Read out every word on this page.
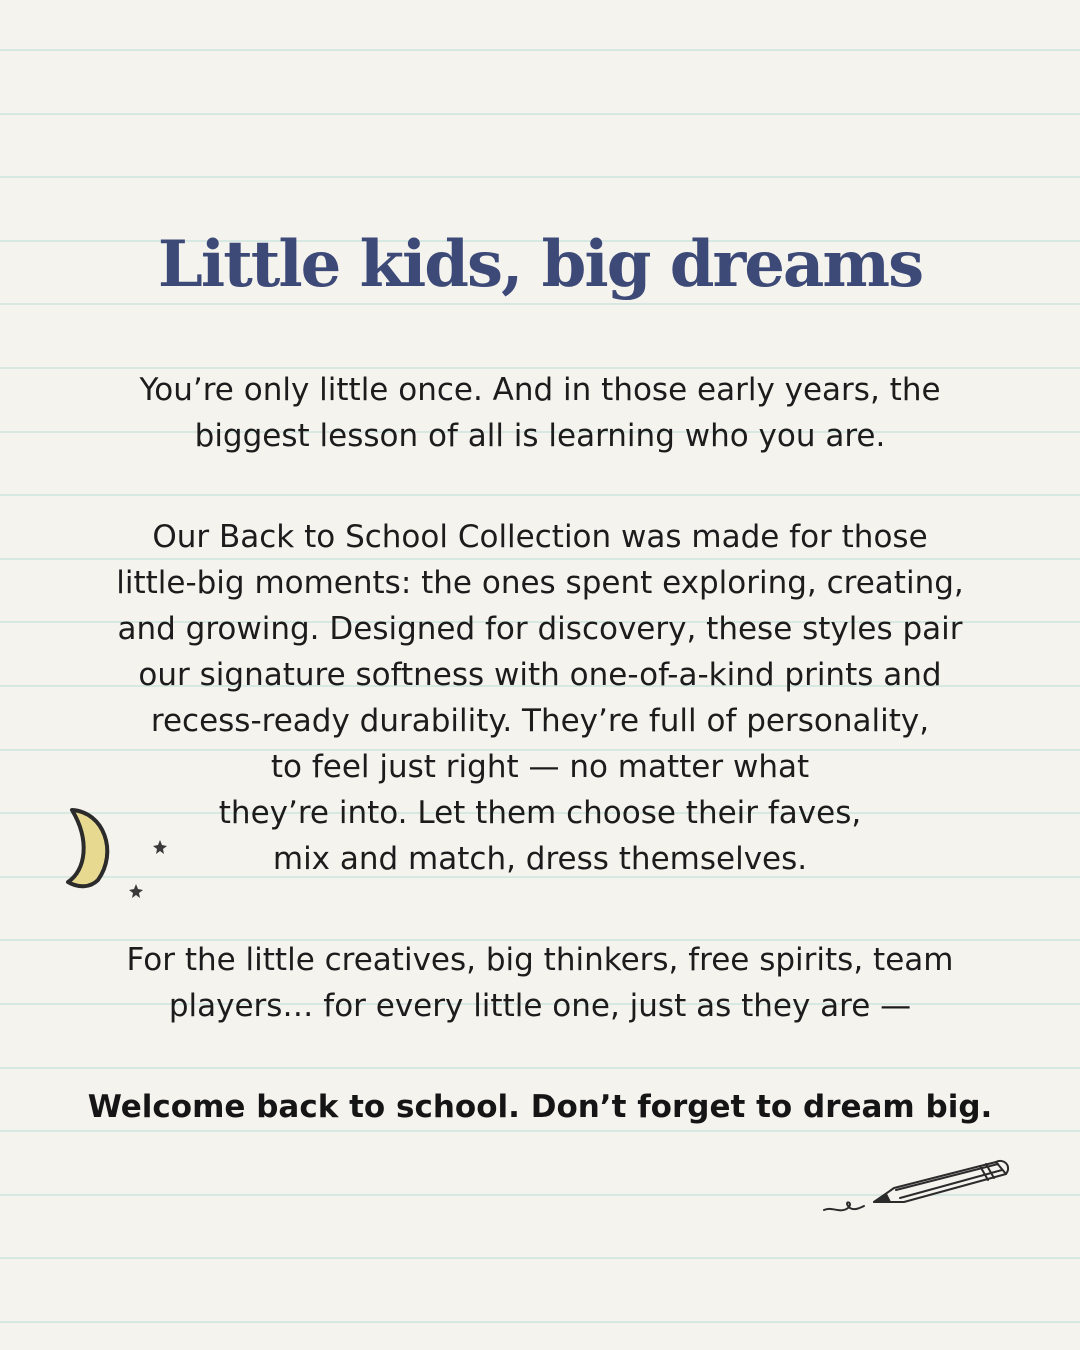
Little kids, big dreams

You’re only little once. And in those early years, the
biggest lesson of all is learning who you are.

Our Back to School Collection was made for those
little-big moments: the ones spent exploring, creating,
and growing. Designed for discovery, these styles pair
our signature softness with one-of-a-kind prints and
recess-ready durability. They’re full of personality,
to feel just right — no matter what
they’re into. Let them choose their faves,
mix and match, dress themselves.

For the little creatives, big thinkers, free spirits, team
players… for every little one, just as they are —

Welcome back to school. Don’t forget to dream big.
